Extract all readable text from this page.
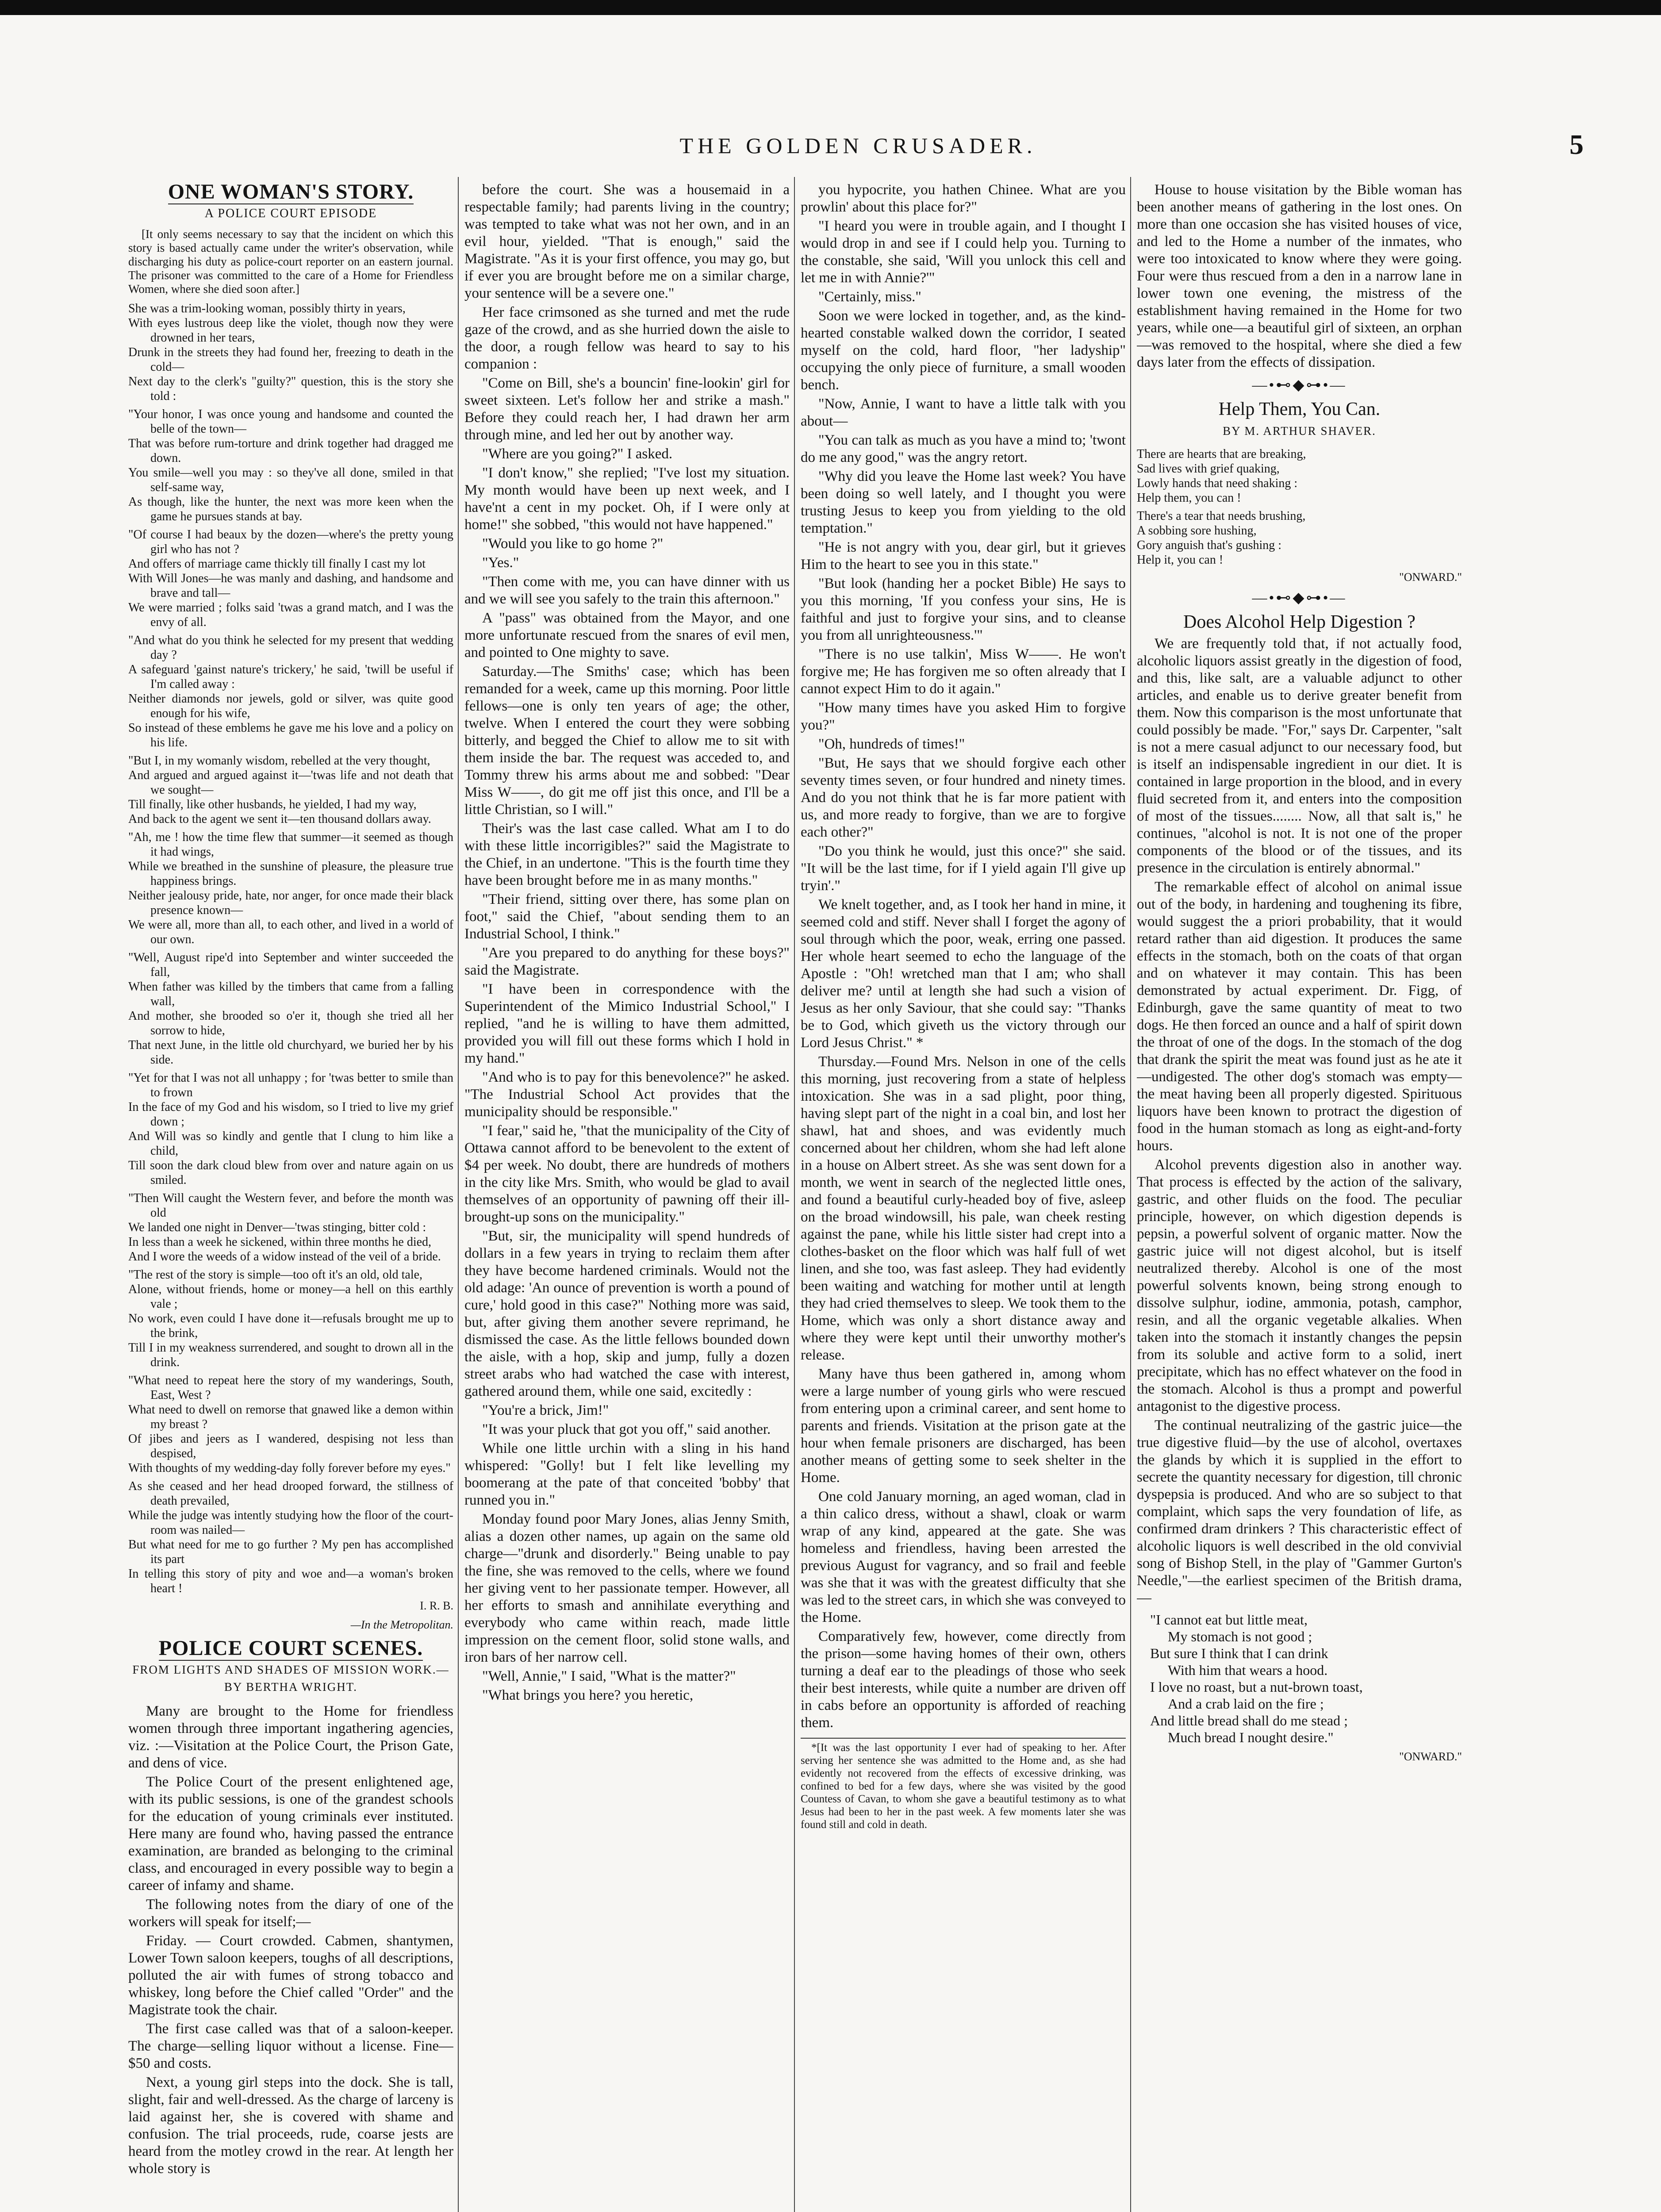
THE GOLDEN CRUSADER.	5
ONE WOMAN'S STORY.
A POLICE COURT EPISODE
[It only seems necessary to say that the incident on which this story is based actually came under the writer's observation, while discharging his duty as police-court reporter on an eastern journal. The prisoner was committed to the care of a Home for Friendless Women, where she died soon after.]
She was a trim-looking woman, possibly thirty in years,
With eyes lustrous deep like the violet, though now they were drowned in her tears,
Drunk in the streets they had found her, freezing to death in the cold—
Next day to the clerk's "guilty?" question, this is the story she told :
"Your honor, I was once young and handsome and counted the belle of the town—
That was before rum-torture and drink together had dragged me down.
You smile—well you may : so they've all done, smiled in that self-same way,
As though, like the hunter, the next was more keen when the game he pursues stands at bay.
"Of course I had beaux by the dozen—where's the pretty young girl who has not ?
And offers of marriage came thickly till finally I cast my lot
With Will Jones—he was manly and dashing, and handsome and brave and tall—
We were married ; folks said 'twas a grand match, and I was the envy of all.
"And what do you think he selected for my present that wedding day ?
A safeguard 'gainst nature's trickery,' he said, 'twill be useful if I'm called away :
Neither diamonds nor jewels, gold or silver, was quite good enough for his wife,
So instead of these emblems he gave me his love and a policy on his life.
"But I, in my womanly wisdom, rebelled at the very thought,
And argued and argued against it—'twas life and not death that we sought—
Till finally, like other husbands, he yielded, I had my way,
And back to the agent we sent it—ten thousand dollars away.
"Ah, me ! how the time flew that summer—it seemed as though it had wings,
While we breathed in the sunshine of pleasure, the pleasure true happiness brings.
Neither jealousy pride, hate, nor anger, for once made their black presence known—
We were all, more than all, to each other, and lived in a world of our own.
"Well, August ripe'd into September and winter succeeded the fall,
When father was killed by the timbers that came from a falling wall,
And mother, she brooded so o'er it, though she tried all her sorrow to hide,
That next June, in the little old churchyard, we buried her by his side.
"Yet for that I was not all unhappy ; for 'twas better to smile than to frown
In the face of my God and his wisdom, so I tried to live my grief down ;
And Will was so kindly and gentle that I clung to him like a child,
Till soon the dark cloud blew from over and nature again on us smiled.
"Then Will caught the Western fever, and before the month was old
We landed one night in Denver—'twas stinging, bitter cold :
In less than a week he sickened, within three months he died,
And I wore the weeds of a widow instead of the veil of a bride.
"The rest of the story is simple—too oft it's an old, old tale,
Alone, without friends, home or money—a hell on this earthly vale ;
No work, even could I have done it—refusals brought me up to the brink,
Till I in my weakness surrendered, and sought to drown all in the drink.
"What need to repeat here the story of my wanderings, South, East, West ?
What need to dwell on remorse that gnawed like a demon within my breast ?
Of jibes and jeers as I wandered, despising not less than despised,
With thoughts of my wedding-day folly forever before my eyes."
As she ceased and her head drooped forward, the stillness of death prevailed,
While the judge was intently studying how the floor of the court-room was nailed—
But what need for me to go further ? My pen has accomplished its part
In telling this story of pity and woe and—a woman's broken heart !
I. R. B.
—In the Metropolitan.
POLICE COURT SCENES.
FROM LIGHTS AND SHADES OF MISSION WORK.—BY BERTHA WRIGHT.

Many are brought to the Home for friendless women through three important ingathering agencies, viz. :—Visitation at the Police Court, the Prison Gate, and dens of vice.

The Police Court of the present enlightened age, with its public sessions, is one of the grandest schools for the education of young criminals ever instituted. Here many are found who, having passed the entrance examination, are branded as belonging to the criminal class, and encouraged in every possible way to begin a career of infamy and shame.

The following notes from the diary of one of the workers will speak for itself;—

Friday. — Court crowded. Cabmen, shantymen, Lower Town saloon keepers, toughs of all descriptions, polluted the air with fumes of strong tobacco and whiskey, long before the Chief called "Order" and the Magistrate took the chair.

The first case called was that of a saloon-keeper. The charge—selling liquor without a license. Fine—$50 and costs.

Next, a young girl steps into the dock. She is tall, slight, fair and well-dressed. As the charge of larceny is laid against her, she is covered with shame and confusion. The trial proceeds, rude, coarse jests are heard from the motley crowd in the rear. At length her whole story is

before the court. She was a housemaid in a respectable family; had parents living in the country; was tempted to take what was not her own, and in an evil hour, yielded. "That is enough," said the Magistrate. "As it is your first offence, you may go, but if ever you are brought before me on a similar charge, your sentence will be a severe one."

Her face crimsoned as she turned and met the rude gaze of the crowd, and as she hurried down the aisle to the door, a rough fellow was heard to say to his companion :

"Come on Bill, she's a bouncin' fine-lookin' girl for sweet sixteen. Let's follow her and strike a mash." Before they could reach her, I had drawn her arm through mine, and led her out by another way.

"Where are you going?" I asked.

"I don't know," she replied; "I've lost my situation. My month would have been up next week, and I have'nt a cent in my pocket. Oh, if I were only at home!" she sobbed, "this would not have happened."

"Would you like to go home ?"

"Yes."

"Then come with me, you can have dinner with us and we will see you safely to the train this afternoon."

A "pass" was obtained from the Mayor, and one more unfortunate rescued from the snares of evil men, and pointed to One mighty to save.

Saturday.—The Smiths' case; which has been remanded for a week, came up this morning. Poor little fellows—one is only ten years of age; the other, twelve. When I entered the court they were sobbing bitterly, and begged the Chief to allow me to sit with them inside the bar. The request was acceded to, and Tommy threw his arms about me and sobbed: "Dear Miss W——, do git me off jist this once, and I'll be a little Christian, so I will."

Their's was the last case called. What am I to do with these little incorrigibles?" said the Magistrate to the Chief, in an undertone. "This is the fourth time they have been brought before me in as many months."

"Their friend, sitting over there, has some plan on foot," said the Chief, "about sending them to an Industrial School, I think."

"Are you prepared to do anything for these boys?" said the Magistrate.

"I have been in correspondence with the Superintendent of the Mimico Industrial School," I replied, "and he is willing to have them admitted, provided you will fill out these forms which I hold in my hand."

"And who is to pay for this benevolence?" he asked. "The Industrial School Act provides that the municipality should be responsible."

"I fear," said he, "that the municipality of the City of Ottawa cannot afford to be benevolent to the extent of $4 per week. No doubt, there are hundreds of mothers in the city like Mrs. Smith, who would be glad to avail themselves of an opportunity of pawning off their ill-brought-up sons on the municipality."

"But, sir, the municipality will spend hundreds of dollars in a few years in trying to reclaim them after they have become hardened criminals. Would not the old adage: 'An ounce of prevention is worth a pound of cure,' hold good in this case?" Nothing more was said, but, after giving them another severe reprimand, he dismissed the case. As the little fellows bounded down the aisle, with a hop, skip and jump, fully a dozen street arabs who had watched the case with interest, gathered around them, while one said, excitedly :

"You're a brick, Jim!"

"It was your pluck that got you off," said another.

While one little urchin with a sling in his hand whispered: "Golly! but I felt like levelling my boomerang at the pate of that conceited 'bobby' that runned you in."

Monday found poor Mary Jones, alias Jenny Smith, alias a dozen other names, up again on the same old charge—"drunk and disorderly." Being unable to pay the fine, she was removed to the cells, where we found her giving vent to her passionate temper. However, all her efforts to smash and annihilate everything and everybody who came within reach, made little impression on the cement floor, solid stone walls, and iron bars of her narrow cell.

"Well, Annie," I said, "What is the matter?"

"What brings you here? you heretic,

you hypocrite, you hathen Chinee. What are you prowlin' about this place for?"

"I heard you were in trouble again, and I thought I would drop in and see if I could help you. Turning to the constable, she said, 'Will you unlock this cell and let me in with Annie?'"

"Certainly, miss."

Soon we were locked in together, and, as the kind-hearted constable walked down the corridor, I seated myself on the cold, hard floor, "her ladyship" occupying the only piece of furniture, a small wooden bench.

"Now, Annie, I want to have a little talk with you about—

"You can talk as much as you have a mind to; 'twont do me any good," was the angry retort.

"Why did you leave the Home last week? You have been doing so well lately, and I thought you were trusting Jesus to keep you from yielding to the old temptation."

"He is not angry with you, dear girl, but it grieves Him to the heart to see you in this state."

"But look (handing her a pocket Bible) He says to you this morning, 'If you confess your sins, He is faithful and just to forgive your sins, and to cleanse you from all unrighteousness.'"

"There is no use talkin', Miss W——. He won't forgive me; He has forgiven me so often already that I cannot expect Him to do it again."

"How many times have you asked Him to forgive you?"

"Oh, hundreds of times!"

"But, He says that we should forgive each other seventy times seven, or four hundred and ninety times. And do you not think that he is far more patient with us, and more ready to forgive, than we are to forgive each other?"

"Do you think he would, just this once?" she said. "It will be the last time, for if I yield again I'll give up tryin'."

We knelt together, and, as I took her hand in mine, it seemed cold and stiff. Never shall I forget the agony of soul through which the poor, weak, erring one passed. Her whole heart seemed to echo the language of the Apostle : "Oh! wretched man that I am; who shall deliver me? until at length she had such a vision of Jesus as her only Saviour, that she could say: "Thanks be to God, which giveth us the victory through our Lord Jesus Christ." *

Thursday.—Found Mrs. Nelson in one of the cells this morning, just recovering from a state of helpless intoxication. She was in a sad plight, poor thing, having slept part of the night in a coal bin, and lost her shawl, hat and shoes, and was evidently much concerned about her children, whom she had left alone in a house on Albert street. As she was sent down for a month, we went in search of the neglected little ones, and found a beautiful curly-headed boy of five, asleep on the broad windowsill, his pale, wan cheek resting against the pane, while his little sister had crept into a clothes-basket on the floor which was half full of wet linen, and she too, was fast asleep. They had evidently been waiting and watching for mother until at length they had cried themselves to sleep. We took them to the Home, which was only a short distance away and where they were kept until their unworthy mother's release.

Many have thus been gathered in, among whom were a large number of young girls who were rescued from entering upon a criminal career, and sent home to parents and friends. Visitation at the prison gate at the hour when female prisoners are discharged, has been another means of getting some to seek shelter in the Home.

One cold January morning, an aged woman, clad in a thin calico dress, without a shawl, cloak or warm wrap of any kind, appeared at the gate. She was homeless and friendless, having been arrested the previous August for vagrancy, and so frail and feeble was she that it was with the greatest difficulty that she was led to the street cars, in which she was conveyed to the Home.

Comparatively few, however, come directly from the prison—some having homes of their own, others turning a deaf ear to the pleadings of those who seek their best interests, while quite a number are driven off in cabs before an opportunity is afforded of reaching them.

*[It was the last opportunity I ever had of speaking to her. After serving her sentence she was admitted to the Home and, as she had evidently not recovered from the effects of excessive drinking, was confined to bed for a few days, where she was visited by the good Countess of Cavan, to whom she gave a beautiful testimony as to what Jesus had been to her in the past week. A few moments later she was found still and cold in death.

House to house visitation by the Bible woman has been another means of gathering in the lost ones. On more than one occasion she has visited houses of vice, and led to the Home a number of the inmates, who were too intoxicated to know where they were going. Four were thus rescued from a den in a narrow lane in lower town one evening, the mistress of the establishment having remained in the Home for two years, while one—a beautiful girl of sixteen, an orphan—was removed to the hospital, where she died a few days later from the effects of dissipation.

—•⊷◆⊶•—
Help Them, You Can.
BY M. ARTHUR SHAVER.
There are hearts that are breaking,
Sad lives with grief quaking,
Lowly hands that need shaking :
Help them, you can !
There's a tear that needs brushing,
A sobbing sore hushing,
Gory anguish that's gushing :
Help it, you can !
"ONWARD."
—•⊷◆⊶•—
Does Alcohol Help Digestion ?

We are frequently told that, if not actually food, alcoholic liquors assist greatly in the digestion of food, and this, like salt, are a valuable adjunct to other articles, and enable us to derive greater benefit from them. Now this comparison is the most unfortunate that could possibly be made. "For," says Dr. Carpenter, "salt is not a mere casual adjunct to our necessary food, but is itself an indispensable ingredient in our diet. It is contained in large proportion in the blood, and in every fluid secreted from it, and enters into the composition of most of the tissues........ Now, all that salt is," he continues, "alcohol is not. It is not one of the proper components of the blood or of the tissues, and its presence in the circulation is entirely abnormal."

The remarkable effect of alcohol on animal issue out of the body, in hardening and toughening its fibre, would suggest the a priori probability, that it would retard rather than aid digestion. It produces the same effects in the stomach, both on the coats of that organ and on whatever it may contain. This has been demonstrated by actual experiment. Dr. Figg, of Edinburgh, gave the same quantity of meat to two dogs. He then forced an ounce and a half of spirit down the throat of one of the dogs. In the stomach of the dog that drank the spirit the meat was found just as he ate it—undigested. The other dog's stomach was empty—the meat having been all properly digested. Spirituous liquors have been known to protract the digestion of food in the human stomach as long as eight-and-forty hours.

Alcohol prevents digestion also in another way. That process is effected by the action of the salivary, gastric, and other fluids on the food. The peculiar principle, however, on which digestion depends is pepsin, a powerful solvent of organic matter. Now the gastric juice will not digest alcohol, but is itself neutralized thereby. Alcohol is one of the most powerful solvents known, being strong enough to dissolve sulphur, iodine, ammonia, potash, camphor, resin, and all the organic vegetable alkalies. When taken into the stomach it instantly changes the pepsin from its soluble and active form to a solid, inert precipitate, which has no effect whatever on the food in the stomach. Alcohol is thus a prompt and powerful antagonist to the digestive process.

The continual neutralizing of the gastric juice—the true digestive fluid—by the use of alcohol, overtaxes the glands by which it is supplied in the effort to secrete the quantity necessary for digestion, till chronic dyspepsia is produced. And who are so subject to that complaint, which saps the very foundation of life, as confirmed dram drinkers ? This characteristic effect of alcoholic liquors is well described in the old convivial song of Bishop Stell, in the play of "Gammer Gurton's Needle,"—the earliest specimen of the British drama,—

"I cannot eat but little meat,
My stomach is not good ;
But sure I think that I can drink
With him that wears a hood.
I love no roast, but a nut-brown toast,
And a crab laid on the fire ;
And little bread shall do me stead ;
Much bread I nought desire."
"ONWARD."
